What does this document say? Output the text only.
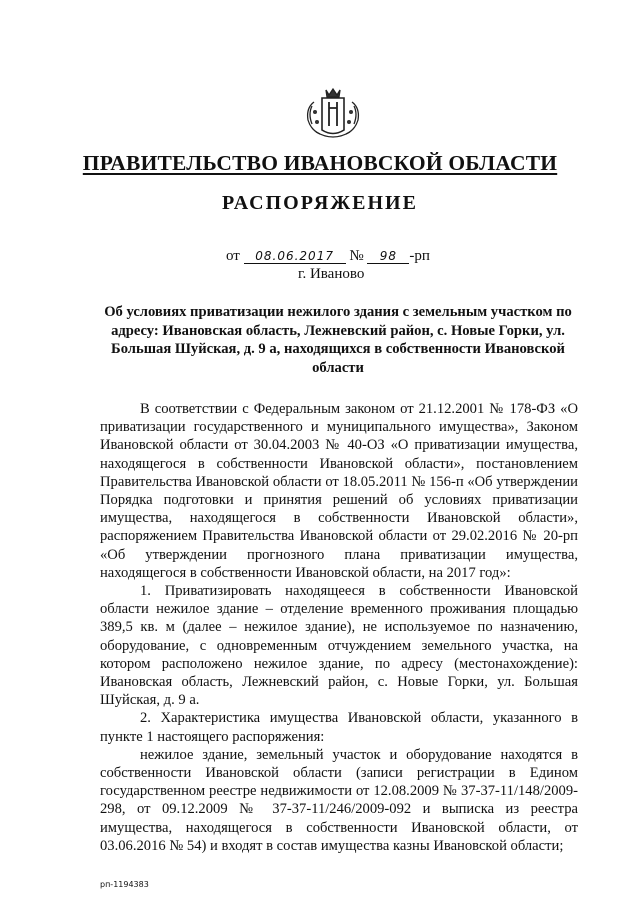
ПРАВИТЕЛЬСТВО ИВАНОВСКОЙ ОБЛАСТИ
РАСПОРЯЖЕНИЕ
от 08.06.2017 № 98 -рп
г. Иваново
Об условиях приватизации нежилого здания с земельным участком по адресу: Ивановская область, Лежневский район, с. Новые Горки, ул. Большая Шуйская, д. 9 а, находящихся в собственности Ивановской области

В соответствии с Федеральным законом от 21.12.2001 № 178-ФЗ «О приватизации государственного и муниципального имущества», Законом Ивановской области от 30.04.2003 № 40-ОЗ «О приватизации имущества, находящегося в собственности Ивановской области», постановлением Правительства Ивановской области от 18.05.2011 № 156-п «Об утверждении Порядка подготовки и принятия решений об условиях приватизации имущества, находящегося в собственности Ивановской области», распоряжением Правительства Ивановской области от 29.02.2016 № 20-рп «Об утверждении прогнозного плана приватизации имущества, находящегося в собственности Ивановской области, на 2017 год»:

1. Приватизировать находящееся в собственности Ивановской области нежилое здание – отделение временного проживания площадью 389,5 кв. м (далее – нежилое здание), не используемое по назначению, оборудование, с одновременным отчуждением земельного участка, на котором расположено нежилое здание, по адресу (местонахождение): Ивановская область, Лежневский район, с. Новые Горки, ул. Большая Шуйская, д. 9 а.

2. Характеристика имущества Ивановской области, указанного в пункте 1 настоящего распоряжения:

нежилое здание, земельный участок и оборудование находятся в собственности Ивановской области (записи регистрации в Едином государственном реестре недвижимости от 12.08.2009 № 37-37-11/148/2009-298, от 09.12.2009 № 37-37-11/246/2009-092 и выписка из реестра имущества, находящегося в собственности Ивановской области, от 03.06.2016 № 54) и входят в состав имущества казны Ивановской области;

рп-1194383
